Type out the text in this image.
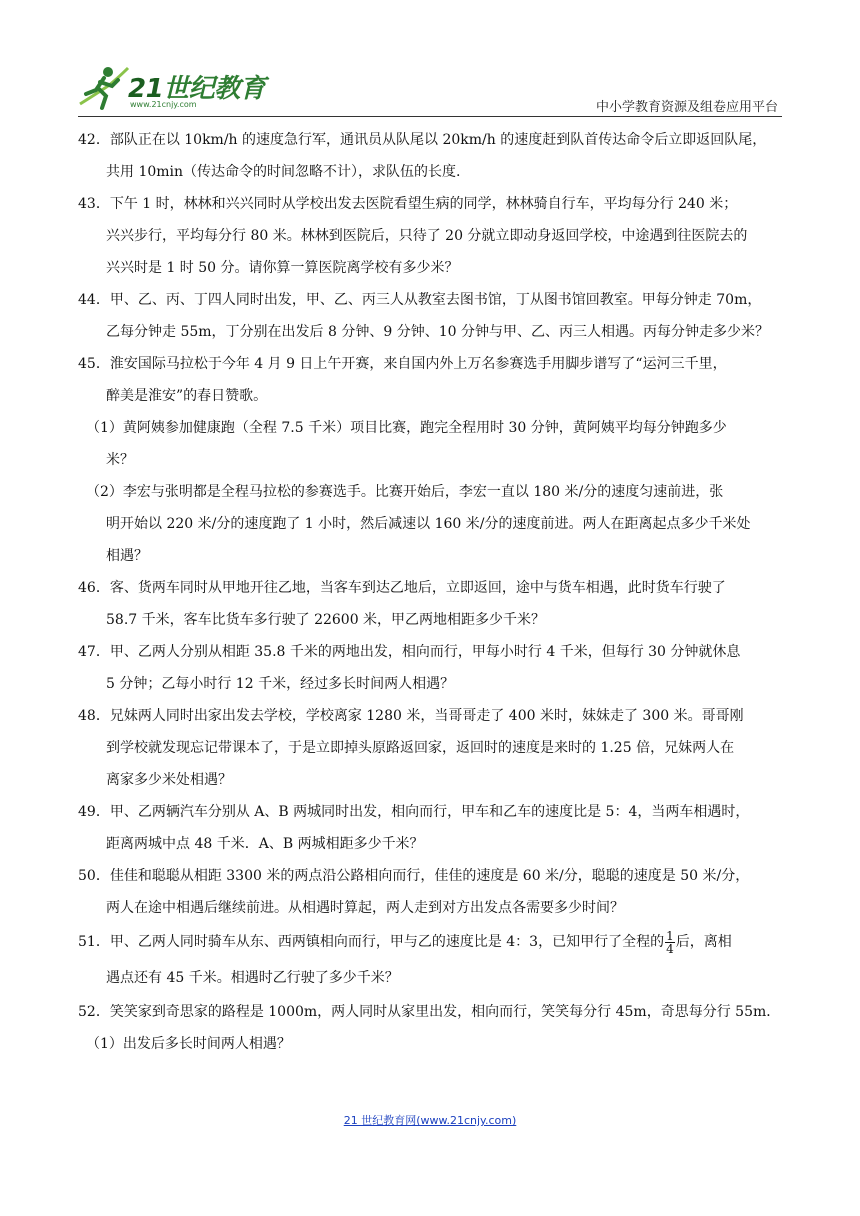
21世纪教育
www.21cnjy.com	中小学教育资源及组卷应用平台

42．部队正在以 10km/h 的速度急行军，通讯员从队尾以 20km/h 的速度赶到队首传达命令后立即返回队尾，
共用 10min（传达命令的时间忽略不计），求队伍的长度.

43．下午 1 时，林林和兴兴同时从学校出发去医院看望生病的同学，林林骑自行车，平均每分行 240 米；
兴兴步行，平均每分行 80 米。林林到医院后，只待了 20 分就立即动身返回学校，中途遇到往医院去的
兴兴时是 1 时 50 分。请你算一算医院离学校有多少米？

44．甲、乙、丙、丁四人同时出发，甲、乙、丙三人从教室去图书馆，丁从图书馆回教室。甲每分钟走 70m，
乙每分钟走 55m，丁分别在出发后 8 分钟、9 分钟、10 分钟与甲、乙、丙三人相遇。丙每分钟走多少米？

45．淮安国际马拉松于今年 4 月 9 日上午开赛，来自国内外上万名参赛选手用脚步谱写了“运河三千里，
醉美是淮安”的春日赞歌。

（1）黄阿姨参加健康跑（全程 7.5 千米）项目比赛，跑完全程用时 30 分钟，黄阿姨平均每分钟跑多少
米？

（2）李宏与张明都是全程马拉松的参赛选手。比赛开始后，李宏一直以 180 米/分的速度匀速前进，张
明开始以 220 米/分的速度跑了 1 小时，然后减速以 160 米/分的速度前进。两人在距离起点多少千米处
相遇？

46．客、货两车同时从甲地开往乙地，当客车到达乙地后，立即返回，途中与货车相遇，此时货车行驶了
58.7 千米，客车比货车多行驶了 22600 米，甲乙两地相距多少千米？

47．甲、乙两人分别从相距 35.8 千米的两地出发，相向而行，甲每小时行 4 千米，但每行 30 分钟就休息
5 分钟；乙每小时行 12 千米，经过多长时间两人相遇？

48．兄妹两人同时出家出发去学校，学校离家 1280 米，当哥哥走了 400 米时，妹妹走了 300 米。哥哥刚
到学校就发现忘记带课本了，于是立即掉头原路返回家，返回时的速度是来时的 1.25 倍，兄妹两人在
离家多少米处相遇？

49．甲、乙两辆汽车分别从 A、B 两城同时出发，相向而行，甲车和乙车的速度比是 5：4，当两车相遇时，
距离两城中点 48 千米．A、B 两城相距多少千米？

50．佳佳和聪聪从相距 3300 米的两点沿公路相向而行，佳佳的速度是 60 米/分，聪聪的速度是 50 米/分，
两人在途中相遇后继续前进。从相遇时算起，两人走到对方出发点各需要多少时间？

51．甲、乙两人同时骑车从东、西两镇相向而行，甲与乙的速度比是 4：3，已知甲行了全程的 $\frac{1}{4}$ 后，离相
遇点还有 45 千米。相遇时乙行驶了多少千米？

52．笑笑家到奇思家的路程是 1000m，两人同时从家里出发，相向而行，笑笑每分行 45m，奇思每分行 55m．

（1）出发后多长时间两人相遇？

21 世纪教育网(www.21cnjy.com)
